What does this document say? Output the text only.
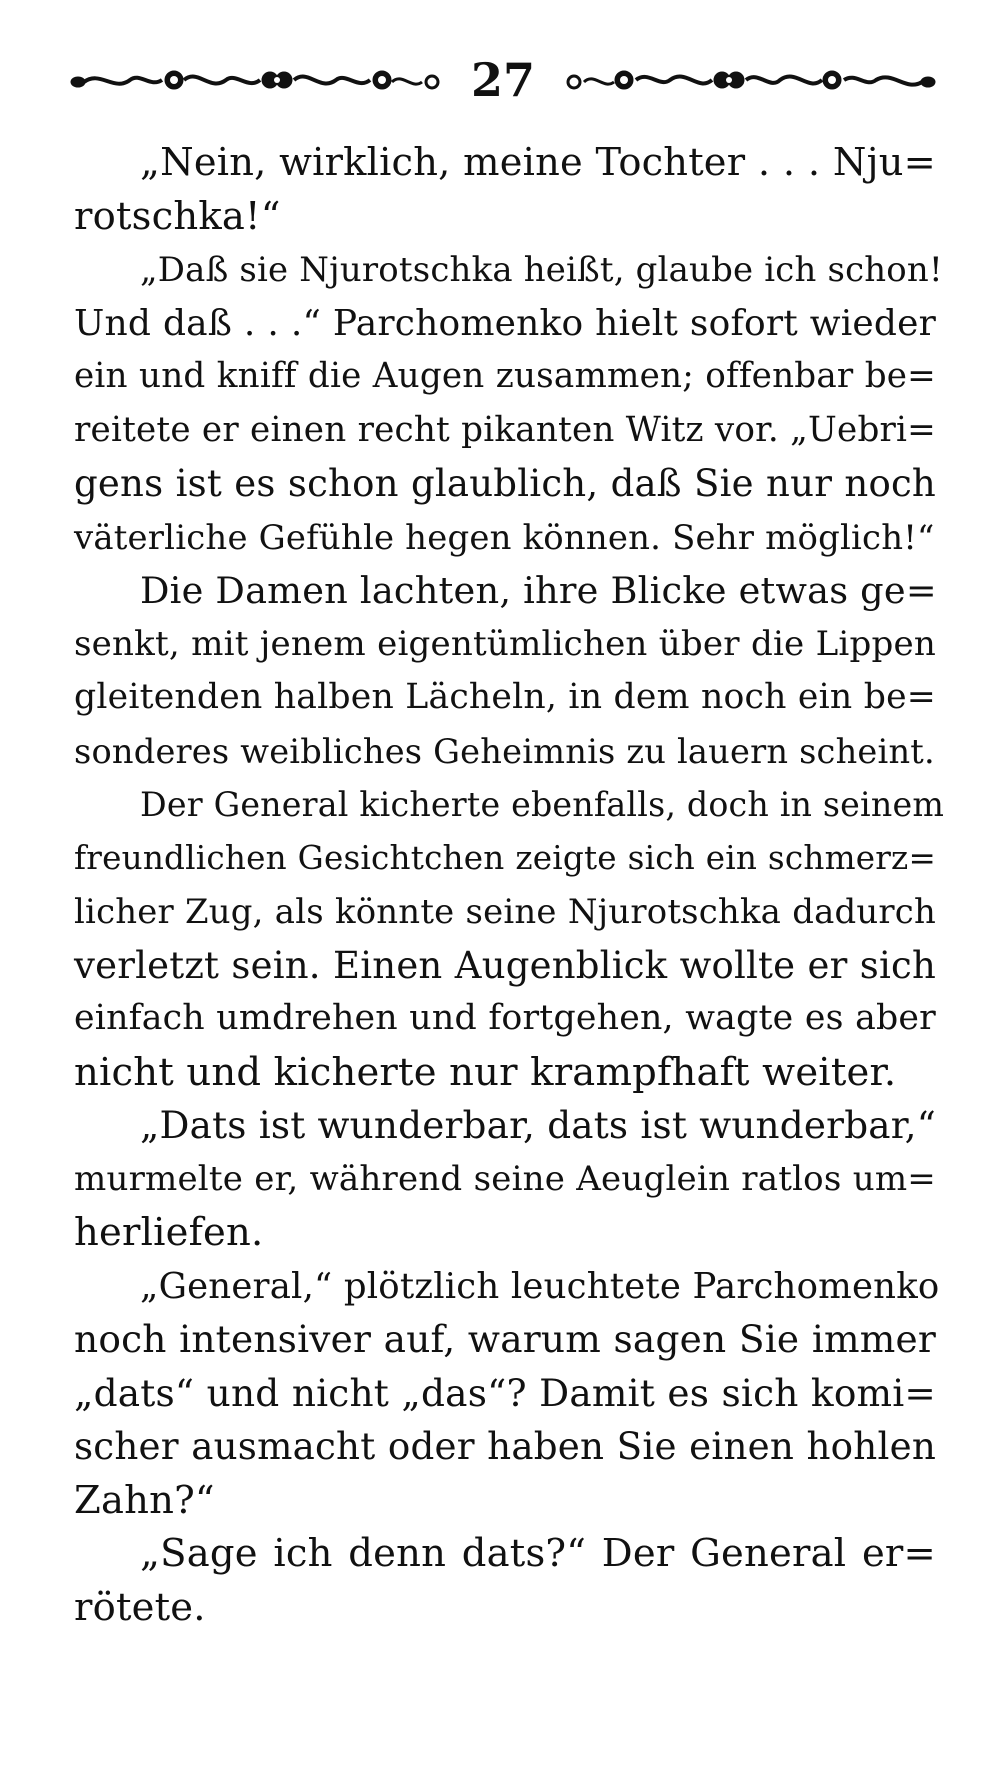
27
„Nein, wirklich, meine Tochter . . . Nju=
rotschka!“
„Daß sie Njurotschka heißt, glaube ich schon!
Und daß . . .“ Parchomenko hielt sofort wieder
ein und kniff die Augen zusammen; offenbar be=
reitete er einen recht pikanten Witz vor. „Uebri=
gens ist es schon glaublich, daß Sie nur noch
väterliche Gefühle hegen können. Sehr möglich!“
Die Damen lachten, ihre Blicke etwas ge=
senkt, mit jenem eigentümlichen über die Lippen
gleitenden halben Lächeln, in dem noch ein be=
sonderes weibliches Geheimnis zu lauern scheint.
Der General kicherte ebenfalls, doch in seinem
freundlichen Gesichtchen zeigte sich ein schmerz=
licher Zug, als könnte seine Njurotschka dadurch
verletzt sein. Einen Augenblick wollte er sich
einfach umdrehen und fortgehen, wagte es aber
nicht und kicherte nur krampfhaft weiter.
„Dats ist wunderbar, dats ist wunderbar,“
murmelte er, während seine Aeuglein ratlos um=
herliefen.
„General,“ plötzlich leuchtete Parchomenko
noch intensiver auf, warum sagen Sie immer
„dats“ und nicht „das“? Damit es sich komi=
scher ausmacht oder haben Sie einen hohlen
Zahn?“
„Sage ich denn dats?“ Der General er=
rötete.
